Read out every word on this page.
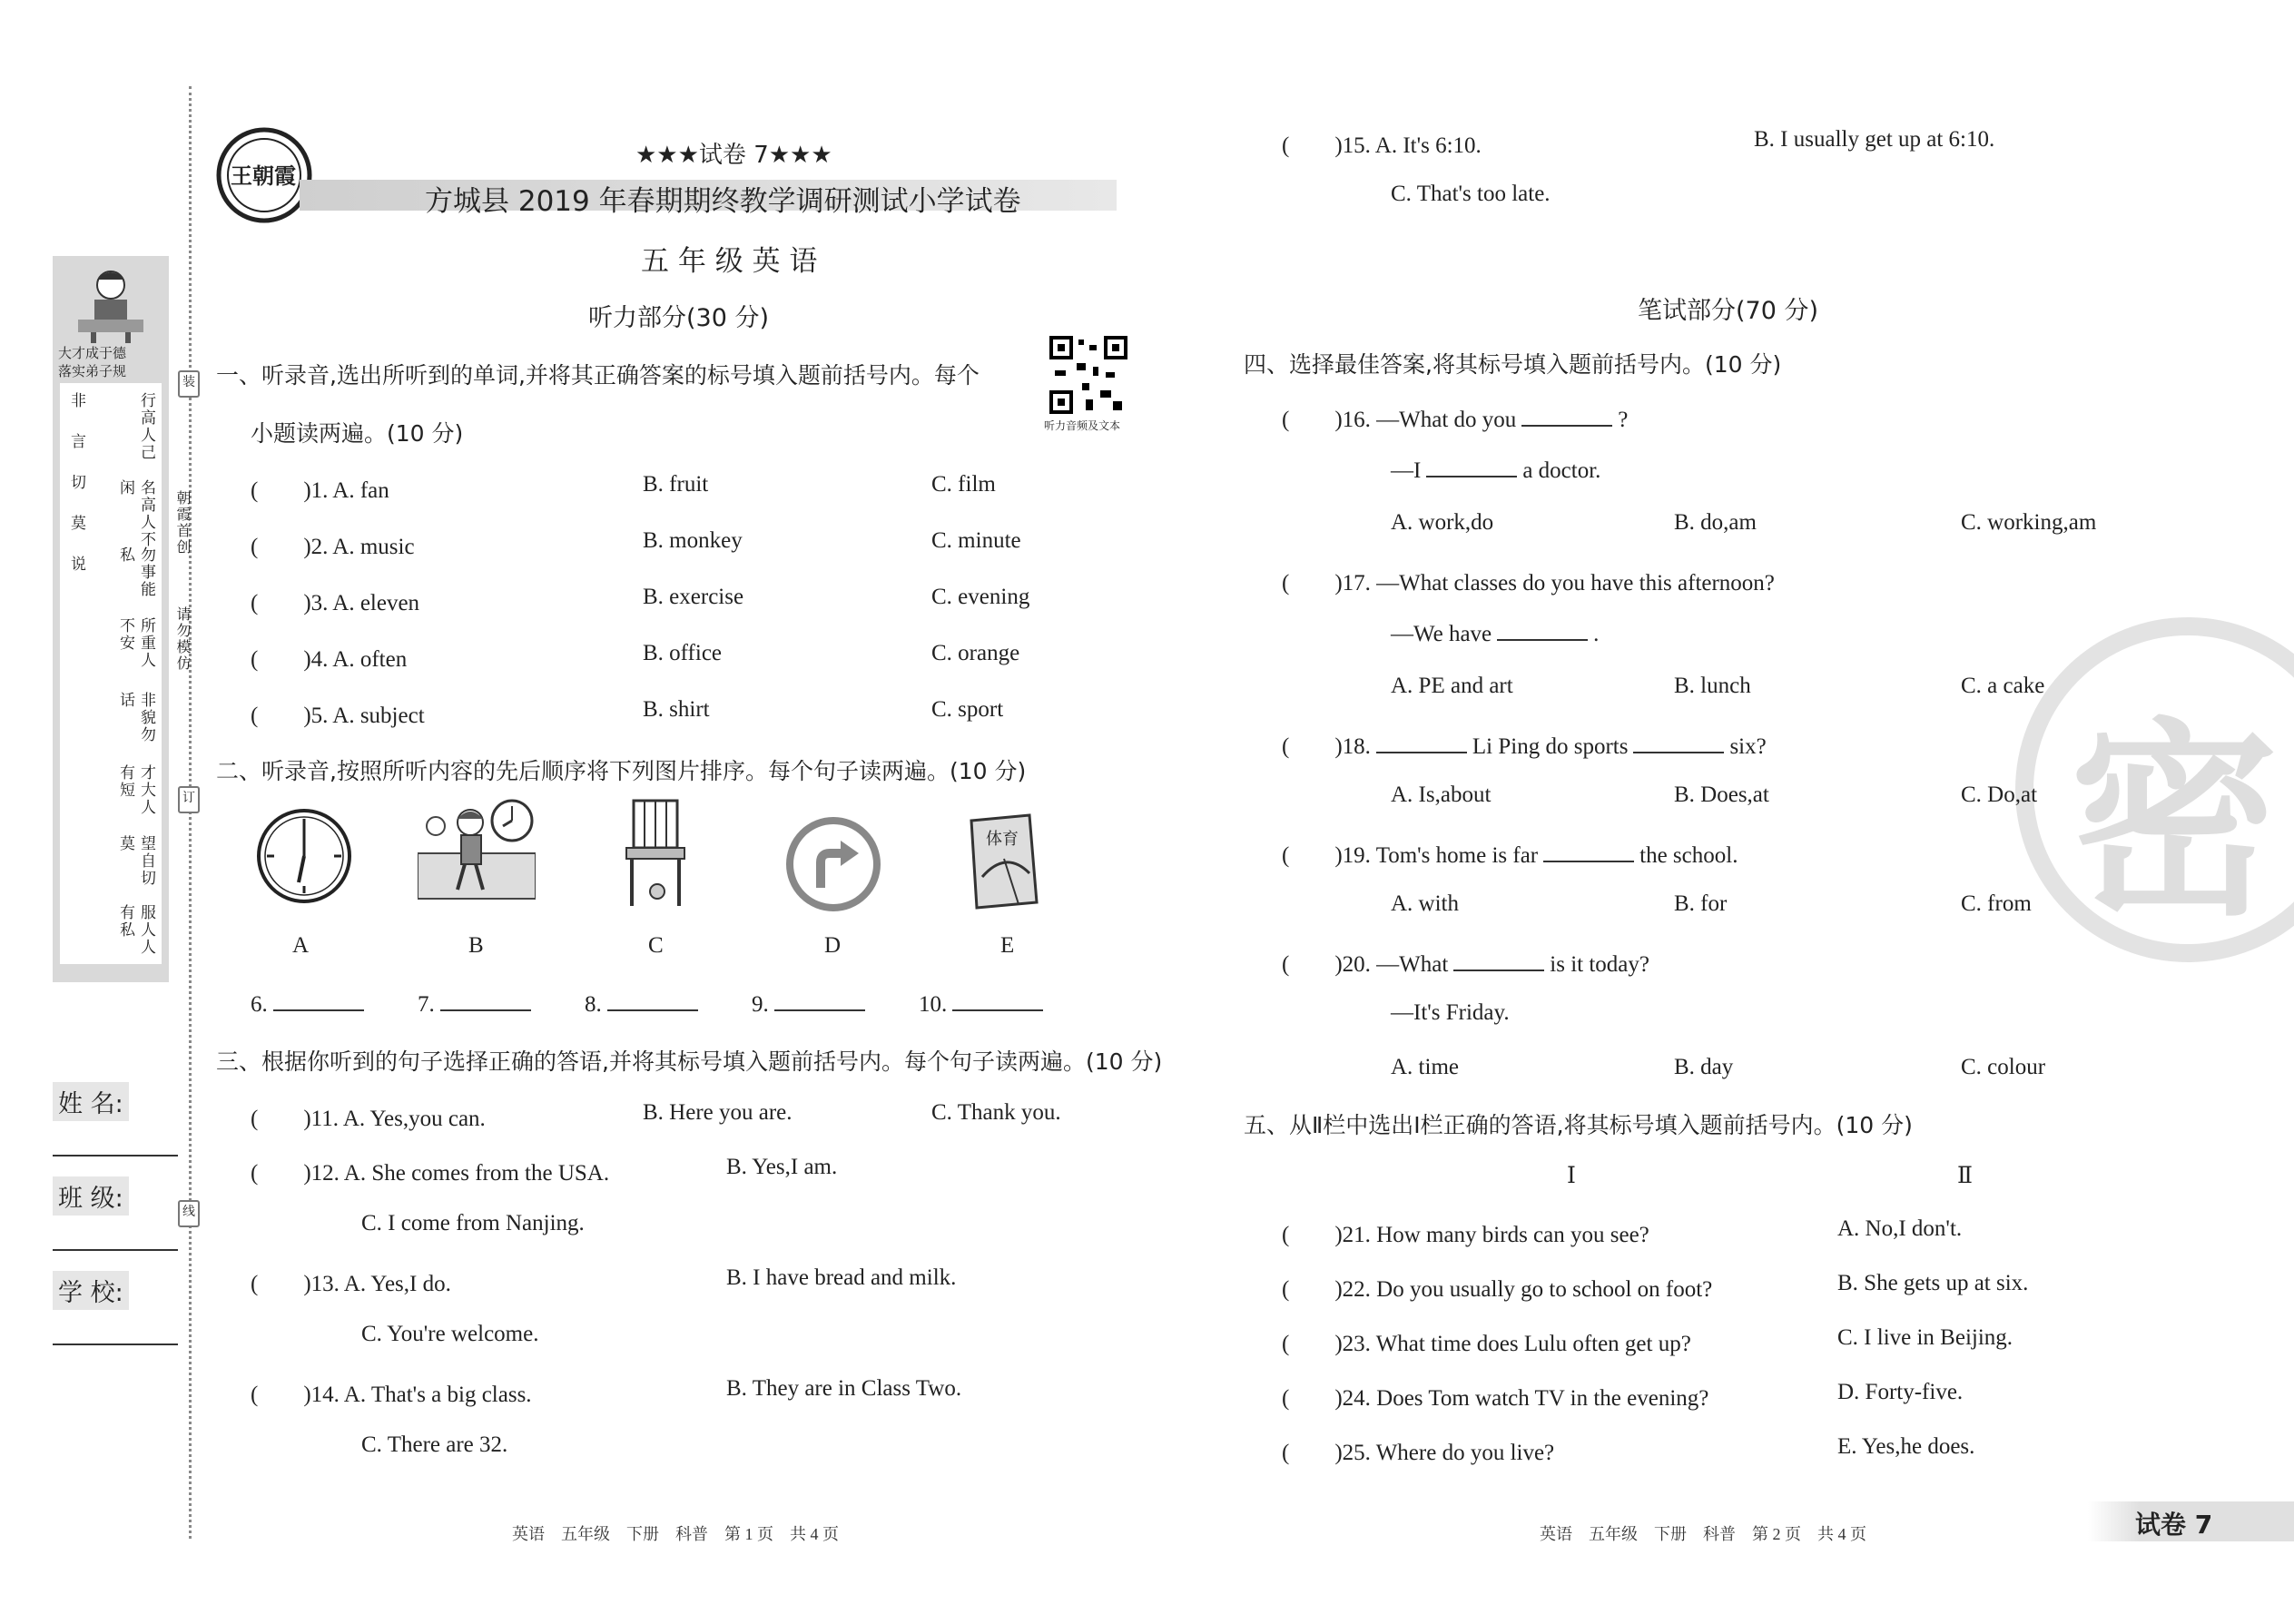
大才成于德
落实弟子规
行高人己
名高人不闲
勿事能私
所重人不安
非貌勿话
才大人有短
望自切莫
服人人有私
非言切莫说	朝霞首创
请勿模仿
装
订
线
姓 名:
班 级:
学 校:
王朝霞
★★★试卷 7★★★
方城县 2019 年春期期终教学调研测试小学试卷
五 年 级 英 语
听力部分(30 分)
听力音频及文本
一、听录音,选出所听到的单词,并将其正确答案的标号填入题前括号内。每个
小题读两遍。(10 分)
(　　)1. A. fan	B. fruit	C. film
(　　)2. A. music	B. monkey	C. minute
(　　)3. A. eleven	B. exercise	C. evening
(　　)4. A. often	B. office	C. orange
(　　)5. A. subject	B. shirt	C. sport
二、听录音,按照所听内容的先后顺序将下列图片排序。每个句子读两遍。(10 分)
体育
A	B	C	D	E
6.	7.	8.	9.	10.
三、根据你听到的句子选择正确的答语,并将其标号填入题前括号内。每个句子读两遍。(10 分)
(　　)11. A. Yes,you can.	B. Here you are.	C. Thank you.
(　　)12. A. She comes from the USA.	B. Yes,I am.
C. I come from Nanjing.
(　　)13. A. Yes,I do.	B. I have bread and milk.
C. You're welcome.
(　　)14. A. That's a big class.	B. They are in Class Two.
C. There are 32.
英语　五年级　下册　科普　第 1 页　共 4 页
密
(　　)15. A. It's 6:10.	B. I usually get up at 6:10.
C. That's too late.
笔试部分(70 分)
四、选择最佳答案,将其标号填入题前括号内。(10 分)
(　　)16. —What do you	?
—I	a doctor.
A. work,do	B. do,am	C. working,am
(　　)17. —What classes do you have this afternoon?
—We have	.
A. PE and art	B. lunch	C. a cake
(　　)18.	Li Ping do sports	six?
A. Is,about	B. Does,at	C. Do,at
(　　)19. Tom's home is far	the school.
A. with	B. for	C. from
(　　)20. —What	is it today?
—It's Friday.
A. time	B. day	C. colour
五、从Ⅱ栏中选出Ⅰ栏正确的答语,将其标号填入题前括号内。(10 分)
Ⅰ	Ⅱ
(　　)21. How many birds can you see?	A. No,I don't.
(　　)22. Do you usually go to school on foot?	B. She gets up at six.
(　　)23. What time does Lulu often get up?	C. I live in Beijing.
(　　)24. Does Tom watch TV in the evening?	D. Forty-five.
(　　)25. Where do you live?	E. Yes,he does.
英语　五年级　下册　科普　第 2 页　共 4 页	试卷 7
